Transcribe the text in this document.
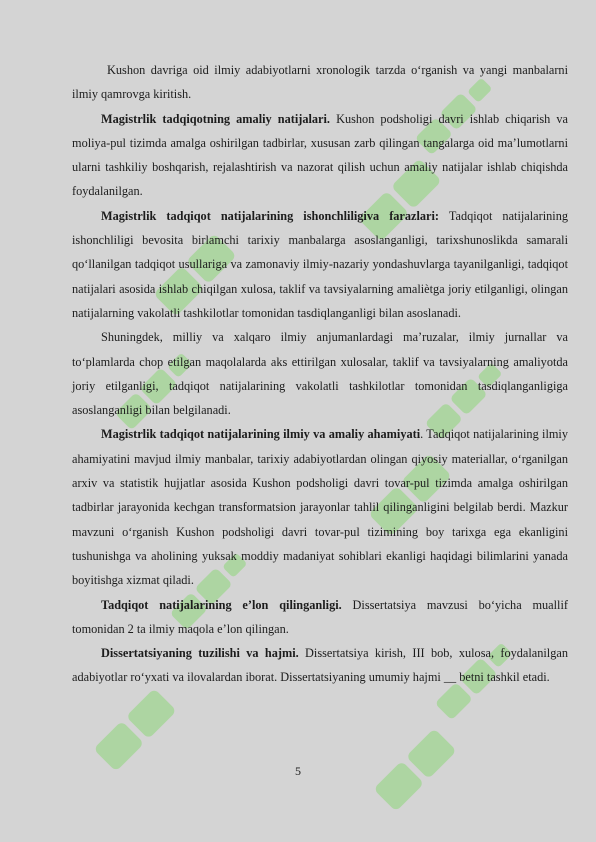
Kushon davriga oid ilmiy adabiyotlarni xronologik tarzda o‘rganish va yangi manbalarni ilmiy qamrovga kiritish.

Magistrlik tadqiqotning amaliy natijalari. Kushon podsholigi davri ishlab chiqarish va moliya-pul tizimda amalga oshirilgan tadbirlar, xususan zarb qilingan tangalarga oid ma’lumotlarni ularni tashkiliy boshqarish, rejalashtirish va nazorat qilish uchun amaliy natijalar ishlab chiqishda foydalanilgan.

Magistrlik tadqiqot natijalarining ishonchliligiva farazlari: Tadqiqot natijalarining ishonchliligi bevosita birlamchi tarixiy manbalarga asoslanganligi, tarixshunoslikda samarali qo‘llanilgan tadqiqot usullariga va zamonaviy ilmiy-nazariy yondashuvlarga tayanilganligi, tadqiqot natijalari asosida ishlab chiqilgan xulosa, taklif va tavsiyalarning amaliètga joriy etilganligi, olingan natijalarning vakolatli tashkilotlar tomonidan tasdiqlanganligi bilan asoslanadi.

Shuningdek, milliy va xalqaro ilmiy anjumanlardagi ma’ruzalar, ilmiy jurnallar va to‘plamlarda chop etilgan maqolalarda aks ettirilgan xulosalar, taklif va tavsiyalarning amaliyotda joriy etilganligi, tadqiqot natijalarining vakolatli tashkilotlar tomonidan tasdiqlanganligiga asoslanganligi bilan belgilanadi.

Magistrlik tadqiqot natijalarining ilmiy va amaliy ahamiyati. Tadqiqot natijalarining ilmiy ahamiyatini mavjud ilmiy manbalar, tarixiy adabiyotlardan olingan qiyosiy materiallar, o‘rganilgan arxiv va statistik hujjatlar asosida Kushon podsholigi davri tovar-pul tizimda amalga oshirilgan tadbirlar jarayonida kechgan transformatsion jarayonlar tahlil qilinganligini belgilab berdi. Mazkur mavzuni o‘rganish Kushon podsholigi davri tovar-pul tizimining boy tarixga ega ekanligini tushunishga va aholining yuksak moddiy madaniyat sohiblari ekanligi haqidagi bilimlarini yanada boyitishga xizmat qiladi.

Tadqiqot natijalarining e’lon qilinganligi. Dissertatsiya mavzusi bo‘yicha muallif tomonidan 2 ta ilmiy maqola e’lon qilingan.

Dissertatsiyaning tuzilishi va hajmi. Dissertatsiya kirish, III bob, xulosa, foydalanilgan adabiyotlar ro‘yxati va ilovalardan iborat. Dissertatsiyaning umumiy hajmi __ betni tashkil etadi.

5
